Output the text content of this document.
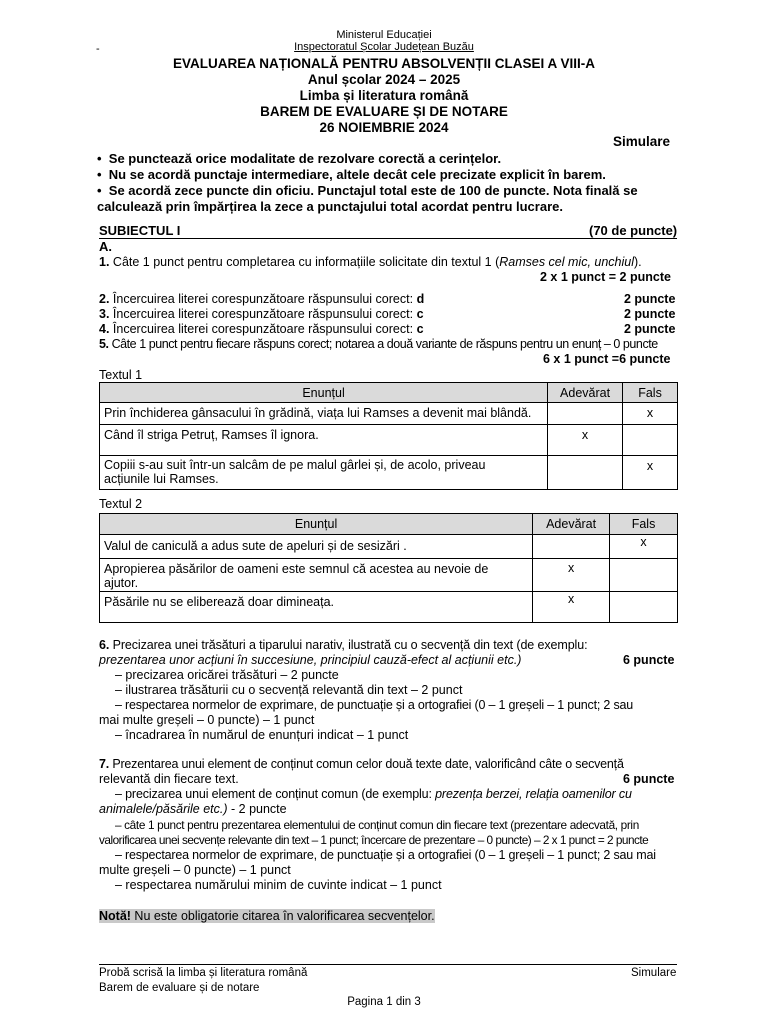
Ministerul Educației
Inspectoratul Școlar Județean Buzău
-
EVALUAREA NAȚIONALĂ PENTRU ABSOLVENȚII CLASEI A VIII-A
Anul școlar 2024 – 2025
Limba și literatura română
BAREM DE EVALUARE ȘI DE NOTARE
26 NOIEMBRIE 2024
Simulare
•  Se punctează orice modalitate de rezolvare corectă a cerințelor.
•  Nu se acordă punctaje intermediare, altele decât cele precizate explicit în barem.
•  Se acordă zece puncte din oficiu. Punctajul total este de 100 de puncte. Nota finală se
calculează prin împărțirea la zece a punctajului total acordat pentru lucrare.
SUBIECTUL I	(70 de puncte)
A.
1. Câte 1 punct pentru completarea cu informațiile solicitate din textul 1 (Ramses cel mic, unchiul).
2 x 1 punct = 2 puncte
2. Încercuirea literei corespunzătoare răspunsului corect: d	2 puncte
3. Încercuirea literei corespunzătoare răspunsului corect: c	2 puncte
4. Încercuirea literei corespunzătoare răspunsului corect: c	2 puncte
5. Câte 1 punct pentru fiecare răspuns corect; notarea a două variante de răspuns pentru un enunț – 0 puncte
6 x 1 punct =6 puncte
Textul 1
Enunțul	Adevărat	Fals
Prin închiderea gânsacului în grădină, viața lui Ramses a devenit mai blândă.		x
Când îl striga Petruț, Ramses îl ignora.	x	
Copiii s-au suit într-un salcâm de pe malul gârlei și, de acolo, priveau
acțiunile lui Ramses.		x
Textul 2
Enunțul	Adevărat	Fals
Valul de caniculă a adus sute de apeluri și de sesizări .		x
Apropierea păsărilor de oameni este semnul că acestea au nevoie de
ajutor.	x	
Păsările nu se eliberează doar dimineața.	x	
6. Precizarea unei trăsături a tiparului narativ, ilustrată cu o secvență din text (de exemplu:
prezentarea unor acțiuni în succesiune, principiul cauză-efect al acțiunii etc.)	6 puncte
– precizarea oricărei trăsături – 2 puncte
– ilustrarea trăsăturii cu o secvență relevantă din text – 2 punct
– respectarea normelor de exprimare, de punctuație și a ortografiei (0 – 1 greșeli – 1 punct; 2 sau
mai multe greșeli – 0 puncte) – 1 punct
– încadrarea în numărul de enunțuri indicat – 1 punct
7. Prezentarea unui element de conținut comun celor două texte date, valorificând câte o secvență
relevantă din fiecare text.	6 puncte
– precizarea unui element de conținut comun (de exemplu: prezența berzei, relația oamenilor cu
animalele/păsările etc.) - 2 puncte
– câte 1 punct pentru prezentarea elementului de conținut comun din fiecare text (prezentare adecvată, prin
valorificarea unei secvențe relevante din text – 1 punct; încercare de prezentare – 0 puncte) – 2 x 1 punct = 2 puncte
– respectarea normelor de exprimare, de punctuație și a ortografiei (0 – 1 greșeli – 1 punct; 2 sau mai
multe greșeli – 0 puncte) – 1 punct
– respectarea numărului minim de cuvinte indicat – 1 punct
Notă! Nu este obligatorie citarea în valorificarea secvențelor.
Probă scrisă la limba și literatura română
Barem de evaluare și de notare
Simulare
Pagina 1 din 3
